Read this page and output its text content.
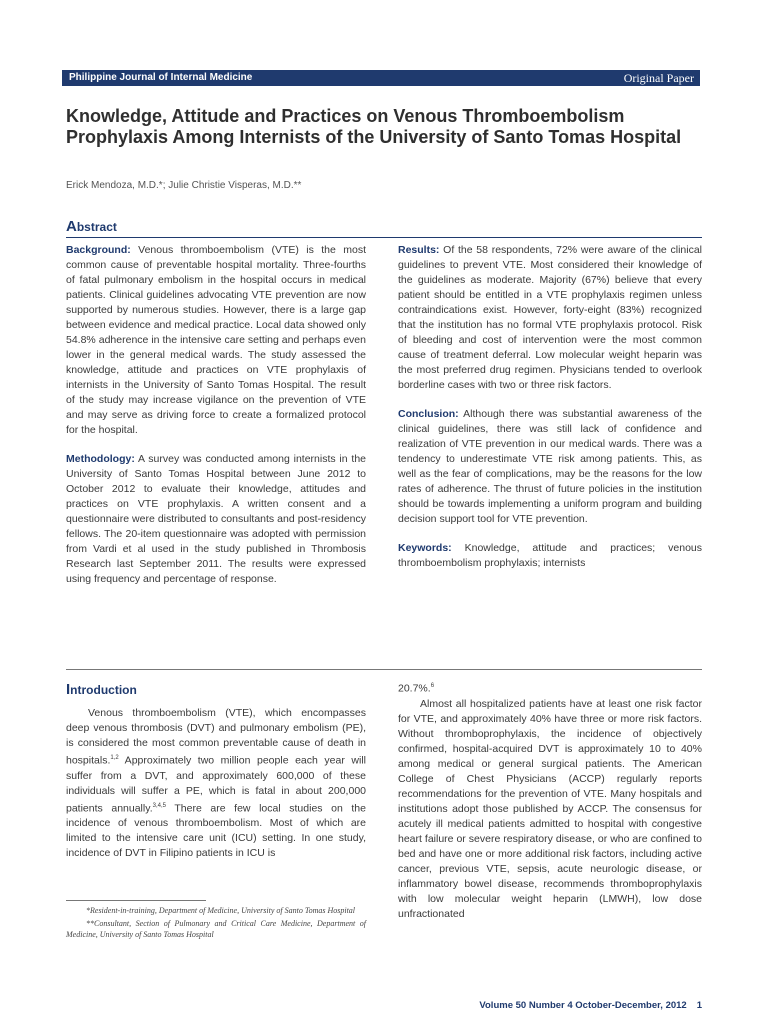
Philippine Journal of Internal Medicine	Original Paper
Knowledge, Attitude and Practices on Venous Thromboembolism Prophylaxis Among Internists of the University of Santo Tomas Hospital
Erick Mendoza, M.D.*; Julie Christie Visperas, M.D.**
Abstract

Background: Venous thromboembolism (VTE) is the most common cause of preventable hospital mortality. Three-fourths of fatal pulmonary embolism in the hospital occurs in medical patients. Clinical guidelines advocating VTE prevention are now supported by numerous studies. However, there is a large gap between evidence and medical practice. Local data showed only 54.8% adherence in the intensive care setting and perhaps even lower in the general medical wards. The study assessed the knowledge, attitude and practices on VTE prophylaxis of internists in the University of Santo Tomas Hospital. The result of the study may increase vigilance on the prevention of VTE and may serve as driving force to create a formalized protocol for the hospital.

Methodology: A survey was conducted among internists in the University of Santo Tomas Hospital between June 2012 to October 2012 to evaluate their knowledge, attitudes and practices on VTE prophylaxis. A written consent and a questionnaire were distributed to consultants and post-residency fellows. The 20-item questionnaire was adopted with permission from Vardi et al used in the study published in Thrombosis Research last September 2011. The results were expressed using frequency and percentage of response.

Results: Of the 58 respondents, 72% were aware of the clinical guidelines to prevent VTE. Most considered their knowledge of the guidelines as moderate. Majority (67%) believe that every patient should be entitled in a VTE prophylaxis regimen unless contraindications exist. However, forty-eight (83%) recognized that the institution has no formal VTE prophylaxis protocol. Risk of bleeding and cost of intervention were the most common cause of treatment deferral. Low molecular weight heparin was the most preferred drug regimen. Physicians tended to overlook borderline cases with two or three risk factors.

Conclusion: Although there was substantial awareness of the clinical guidelines, there was still lack of confidence and realization of VTE prevention in our medical wards. There was a tendency to underestimate VTE risk among patients. This, as well as the fear of complications, may be the reasons for the low rates of adherence. The thrust of future policies in the institution should be towards implementing a uniform program and building decision support tool for VTE prevention.

Keywords: Knowledge, attitude and practices; venous thromboembolism prophylaxis; internists

Introduction

Venous thromboembolism (VTE), which encompasses deep venous thrombosis (DVT) and pulmonary embolism (PE), is considered the most common preventable cause of death in hospitals.$^{1,2}$ Approximately two million people each year will suffer from a DVT, and approximately 600,000 of these individuals will suffer a PE, which is fatal in about 200,000 patients annually.$^{3,4,5}$ There are few local studies on the incidence of venous thromboembolism. Most of which are limited to the intensive care unit (ICU) setting. In one study, incidence of DVT in Filipino patients in ICU is

20.7%.$^6$

Almost all hospitalized patients have at least one risk factor for VTE, and approximately 40% have three or more risk factors. Without thromboprophylaxis, the incidence of objectively confirmed, hospital-acquired DVT is approximately 10 to 40% among medical or general surgical patients. The American College of Chest Physicians (ACCP) regularly reports recommendations for the prevention of VTE. Many hospitals and institutions adopt those published by ACCP. The consensus for acutely ill medical patients admitted to hospital with congestive heart failure or severe respiratory disease, or who are confined to bed and have one or more additional risk factors, including active cancer, previous VTE, sepsis, acute neurologic disease, or inflammatory bowel disease, recommends thromboprophylaxis with low molecular weight heparin (LMWH), low dose unfractionated

*Resident-in-training, Department of Medicine, University of Santo Tomas Hospital

**Consultant, Section of Pulmonary and Critical Care Medicine, Department of Medicine, University of Santo Tomas Hospital

Volume 50 Number 4 October-December, 2012 1
